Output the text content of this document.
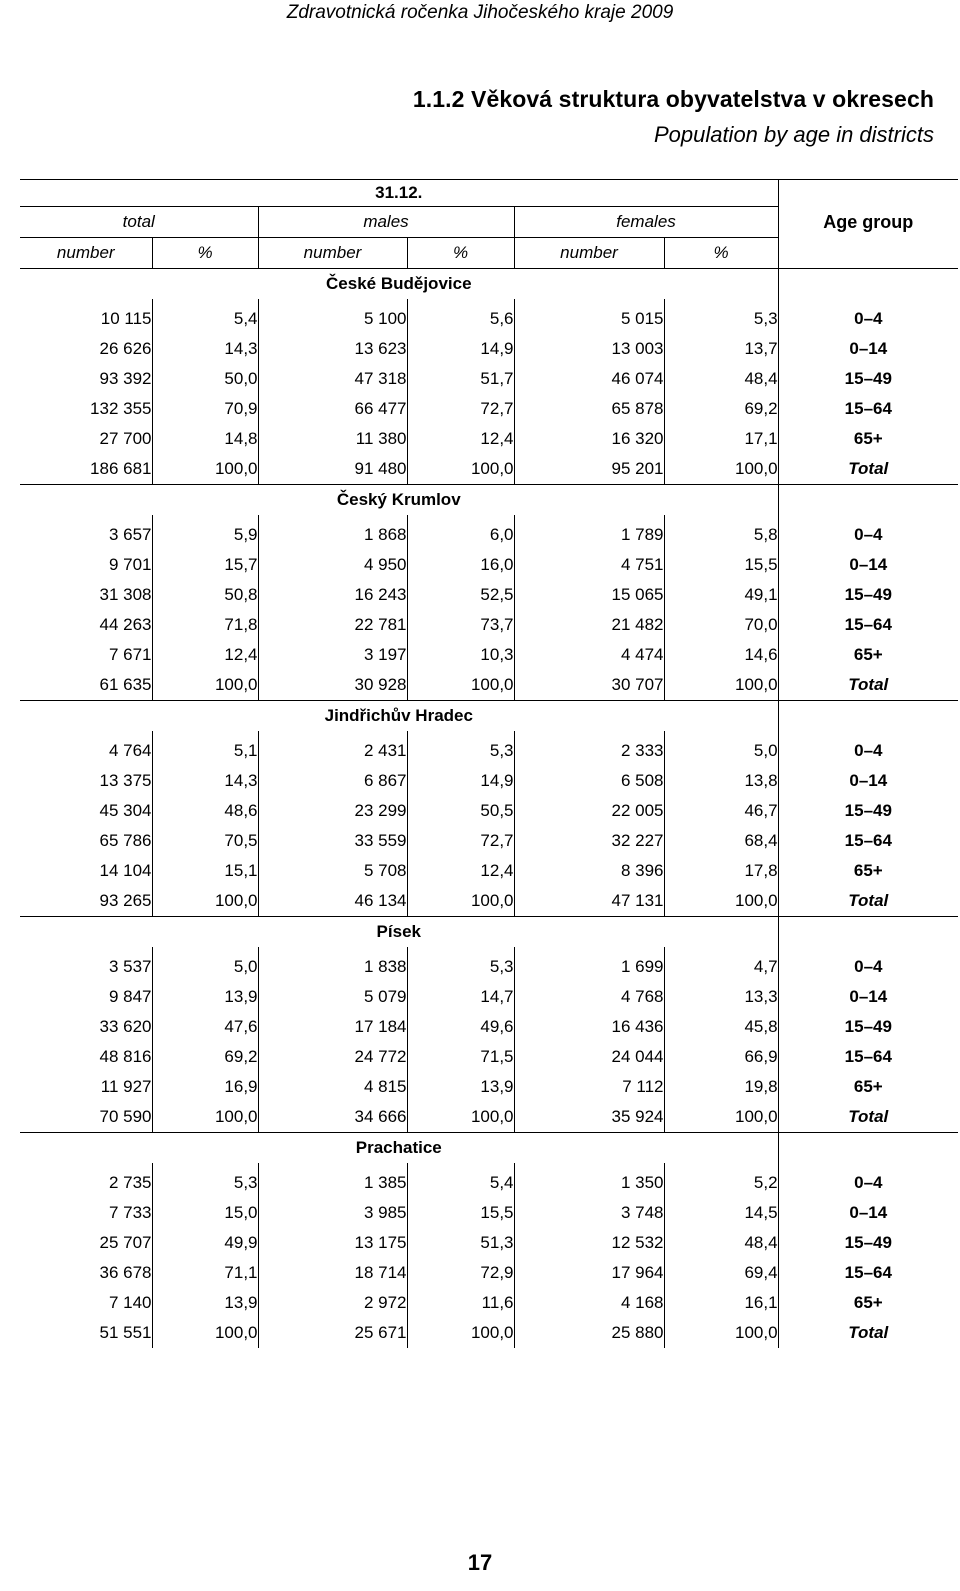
Zdravotnická ročenka Jihočeského kraje 2009
1.1.2 Věková struktura obyvatelstva v okresech
Population by age in districts
31.12.						
total		males		females		Age group
number	%	number	%	number	%	
České Budějovice						
10 115	5,4	5 100	5,6	5 015	5,3	0–4
26 626	14,3	13 623	14,9	13 003	13,7	0–14
93 392	50,0	47 318	51,7	46 074	48,4	15–49
132 355	70,9	66 477	72,7	65 878	69,2	15–64
27 700	14,8	11 380	12,4	16 320	17,1	65+
186 681	100,0	91 480	100,0	95 201	100,0	Total
Český Krumlov						
3 657	5,9	1 868	6,0	1 789	5,8	0–4
9 701	15,7	4 950	16,0	4 751	15,5	0–14
31 308	50,8	16 243	52,5	15 065	49,1	15–49
44 263	71,8	22 781	73,7	21 482	70,0	15–64
7 671	12,4	3 197	10,3	4 474	14,6	65+
61 635	100,0	30 928	100,0	30 707	100,0	Total
Jindřichův Hradec						
4 764	5,1	2 431	5,3	2 333	5,0	0–4
13 375	14,3	6 867	14,9	6 508	13,8	0–14
45 304	48,6	23 299	50,5	22 005	46,7	15–49
65 786	70,5	33 559	72,7	32 227	68,4	15–64
14 104	15,1	5 708	12,4	8 396	17,8	65+
93 265	100,0	46 134	100,0	47 131	100,0	Total
Písek						
3 537	5,0	1 838	5,3	1 699	4,7	0–4
9 847	13,9	5 079	14,7	4 768	13,3	0–14
33 620	47,6	17 184	49,6	16 436	45,8	15–49
48 816	69,2	24 772	71,5	24 044	66,9	15–64
11 927	16,9	4 815	13,9	7 112	19,8	65+
70 590	100,0	34 666	100,0	35 924	100,0	Total
Prachatice						
2 735	5,3	1 385	5,4	1 350	5,2	0–4
7 733	15,0	3 985	15,5	3 748	14,5	0–14
25 707	49,9	13 175	51,3	12 532	48,4	15–49
36 678	71,1	18 714	72,9	17 964	69,4	15–64
7 140	13,9	2 972	11,6	4 168	16,1	65+
51 551	100,0	25 671	100,0	25 880	100,0	Total
17
